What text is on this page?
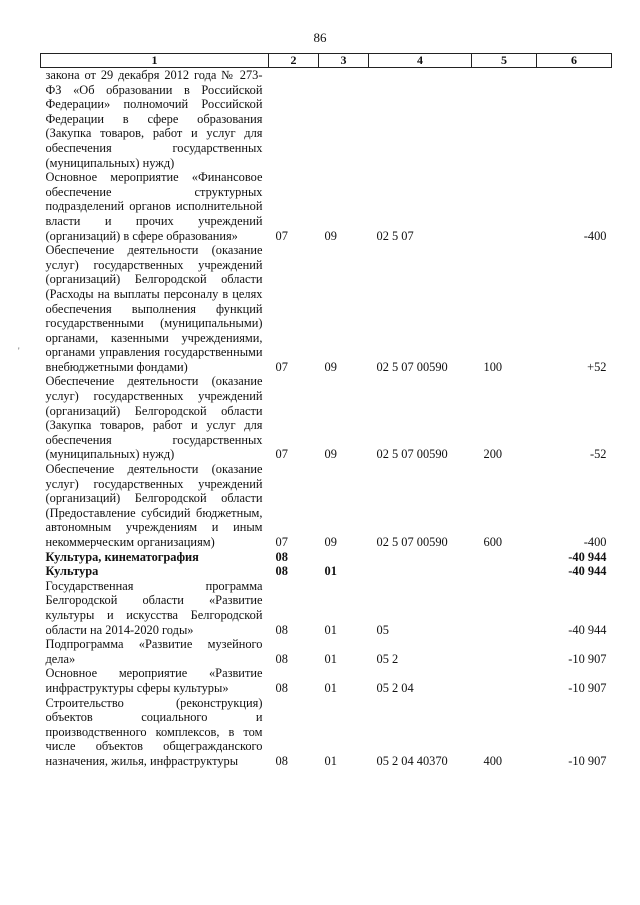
86
1	2	3	4	5	6
закона от 29 декабря 2012 года № 273-ФЗ «Об образовании в Российской Федерации» полномочий Российской Федерации в сфере образования (Закупка товаров, работ и услуг для обеспечения государственных (муниципальных) нужд)					
Основное мероприятие «Финансовое обеспечение структурных подразделений органов исполнительной власти и прочих учреждений (организаций) в сфере образования»	07	09	02 5 07		-400
Обеспечение деятельности (оказание услуг) государственных учреждений (организаций) Белгородской области (Расходы на выплаты персоналу в целях обеспечения выполнения функций государственными (муниципальными) органами, казенными учреждениями, органами управления государственными внебюджетными фондами)	07	09	02 5 07 00590	100	+52
Обеспечение деятельности (оказание услуг) государственных учреждений (организаций) Белгородской области (Закупка товаров, работ и услуг для обеспечения государственных (муниципальных) нужд)	07	09	02 5 07 00590	200	-52
Обеспечение деятельности (оказание услуг) государственных учреждений (организаций) Белгородской области (Предоставление субсидий бюджетным, автономным учреждениям и иным некоммерческим организациям)	07	09	02 5 07 00590	600	-400
Культура, кинематография	08				-40 944
Культура	08	01			-40 944
Государственная программа Белгородской области «Развитие культуры и искусства Белгородской области на 2014-2020 годы»	08	01	05		-40 944
Подпрограмма «Развитие музейного дела»	08	01	05 2		-10 907
Основное мероприятие «Развитие инфраструктуры сферы культуры»	08	01	05 2 04		-10 907
Строительство (реконструкция) объектов социального и производственного комплексов, в том числе объектов общегражданского назначения, жилья, инфраструктуры	08	01	05 2 04 40370	400	-10 907
'
